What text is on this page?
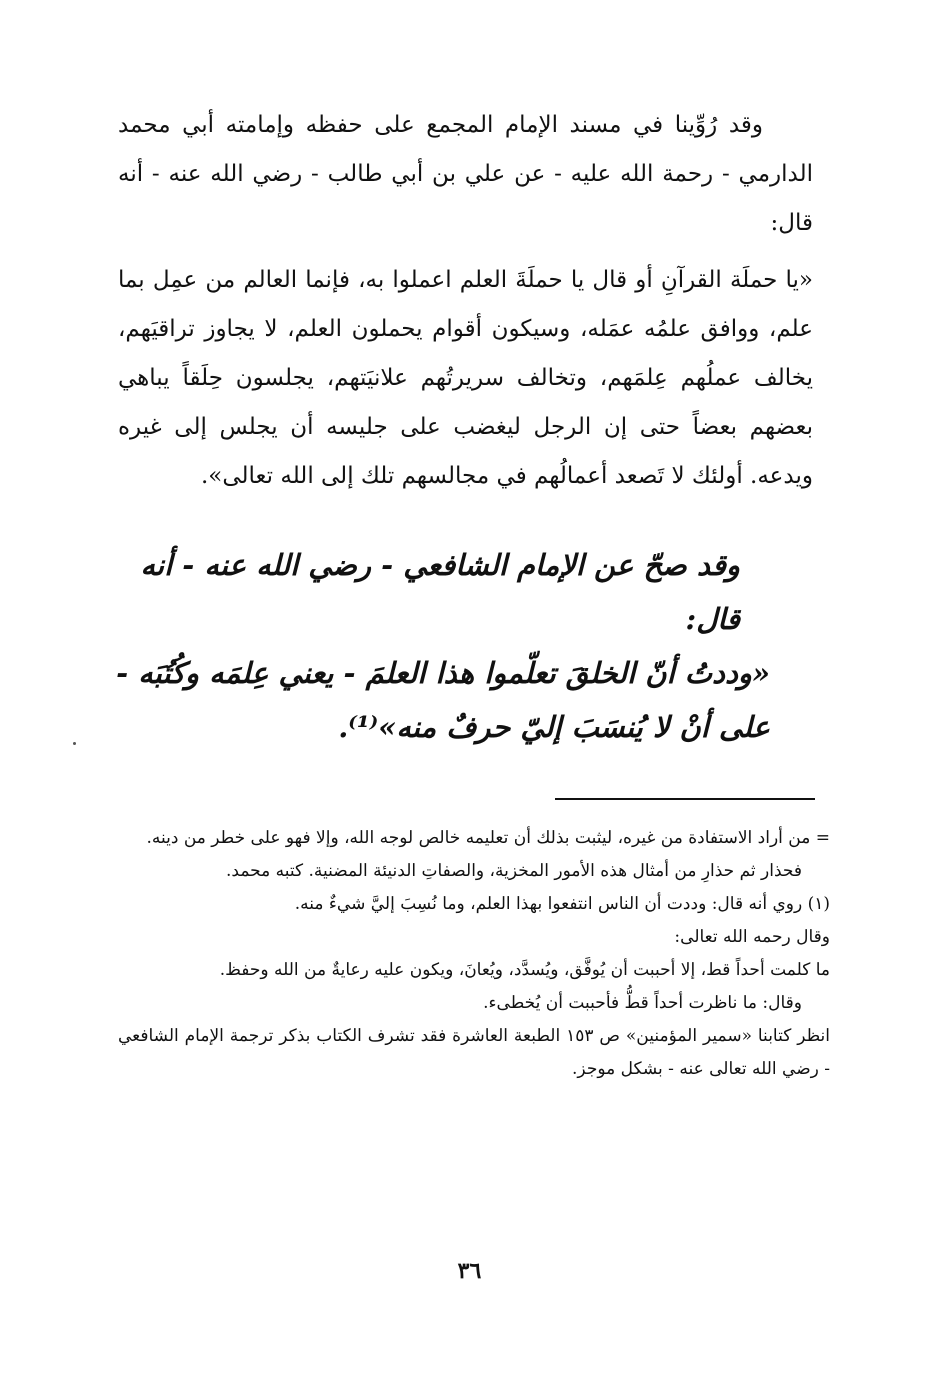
وقد رُوِّينا في مسند الإمام المجمع على حفظه وإمامته أبي محمد الدارمي - رحمة الله عليه - عن علي بن أبي طالب - رضي الله عنه - أنه قال:

«يا حملَة القرآنِ أو قال يا حملَةَ العلم اعملوا به، فإنما العالم من عمِل بما علم، ووافق علمُه عمَله، وسيكون أقوام يحملون العلم، لا يجاوز تراقيَهم، يخالف عملُهم عِلمَهم، وتخالف سريرتُهم علانيَتهم، يجلسون حِلَقاً يباهي بعضهم بعضاً حتى إن الرجل ليغضب على جليسه أن يجلس إلى غيره ويدعه. أولئك لا تَصعد أعمالُهم في مجالسهم تلك إلى الله تعالى».

وقد صحّ عن الإمام الشافعي - رضي الله عنه - أنه قال:

«وددتُ أنّ الخلقَ تعلّموا هذا العلمَ - يعني عِلمَه وكُتُبَه - على أنْ لا يُنسَبَ إليّ حرفٌ منه»⁽¹⁾.

= من أراد الاستفادة من غيره، ليثبت بذلك أن تعليمه خالص لوجه الله، وإلا فهو على خطر من دينه.

فحذار ثم حذارِ من أمثال هذه الأمور المخزية، والصفاتِ الدنيئة المضنية. كتبه محمد.

(١) روي أنه قال: وددت أن الناس انتفعوا بهذا العلم، وما نُسِبَ إليَّ شيءٌ منه.

وقال رحمه الله تعالى:

ما كلمت أحداً قط، إلا أحببت أن يُوفَّق، ويُسدَّد، ويُعانَ، ويكون عليه رعايةٌ من الله وحفظ.

وقال: ما ناظرت أحداً قطُّ فأحببت أن يُخطىء.

انظر كتابنا «سمير المؤمنين» ص ١٥٣ الطبعة العاشرة فقد تشرف الكتاب بذكر ترجمة الإمام الشافعي - رضي الله تعالى عنه - بشكل موجز.

٣٦
